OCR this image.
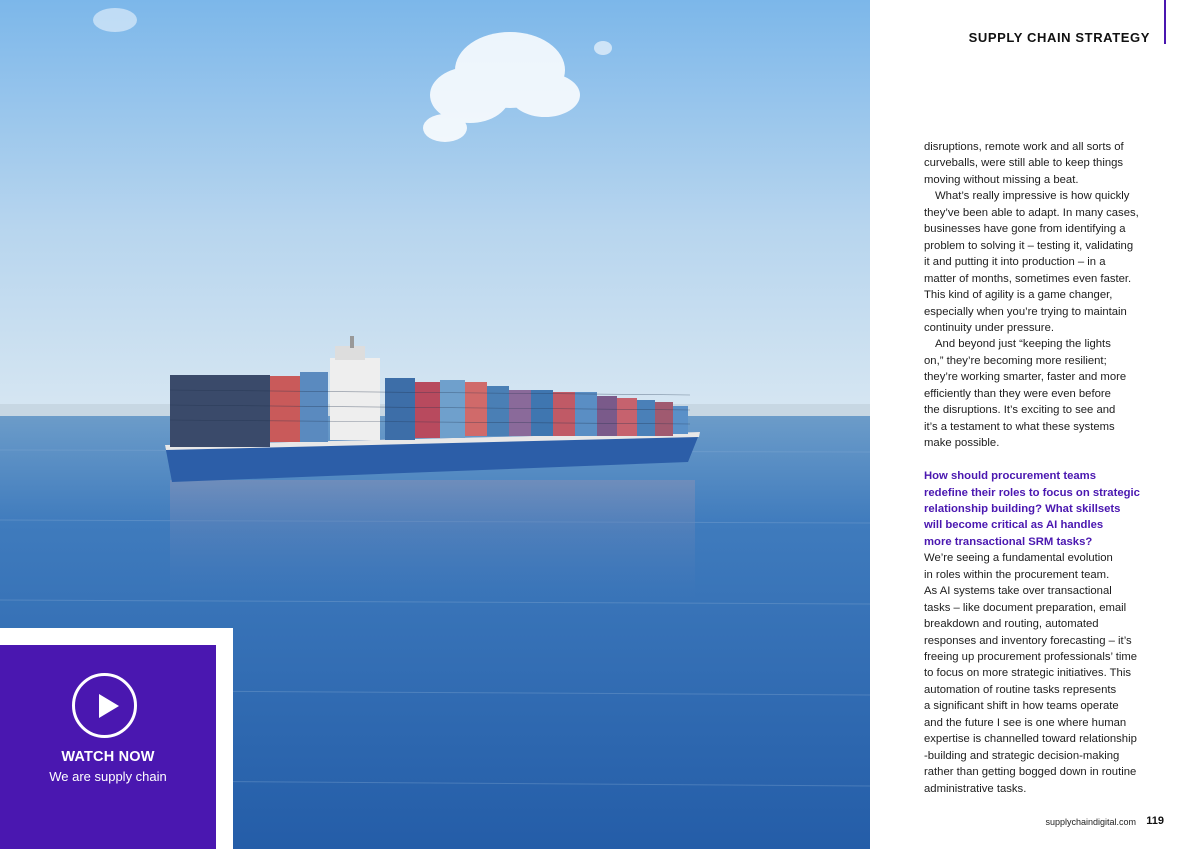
WATCH NOW
We are supply chain
SUPPLY CHAIN STRATEGY

disruptions, remote work and all sorts of
curveballs, were still able to keep things
moving without missing a beat.

What’s really impressive is how quickly
they’ve been able to adapt. In many cases,
businesses have gone from identifying a
problem to solving it – testing it, validating
it and putting it into production – in a
matter of months, sometimes even faster.
This kind of agility is a game changer,
especially when you’re trying to maintain
continuity under pressure.

And beyond just “keeping the lights
on,” they’re becoming more resilient;
they’re working smarter, faster and more
efficiently than they were even before
the disruptions. It’s exciting to see and
it’s a testament to what these systems
make possible.

How should procurement teams
redefine their roles to focus on strategic
relationship building? What skillsets
will become critical as AI handles
more transactional SRM tasks?

We’re seeing a fundamental evolution
in roles within the procurement team.
As AI systems take over transactional
tasks – like document preparation, email
breakdown and routing, automated
responses and inventory forecasting – it’s
freeing up procurement professionals’ time
to focus on more strategic initiatives. This
automation of routine tasks represents
a significant shift in how teams operate
and the future I see is one where human
expertise is channelled toward relationship
-building and strategic decision-making
rather than getting bogged down in routine
administrative tasks.

supplychaindigital.com 119
